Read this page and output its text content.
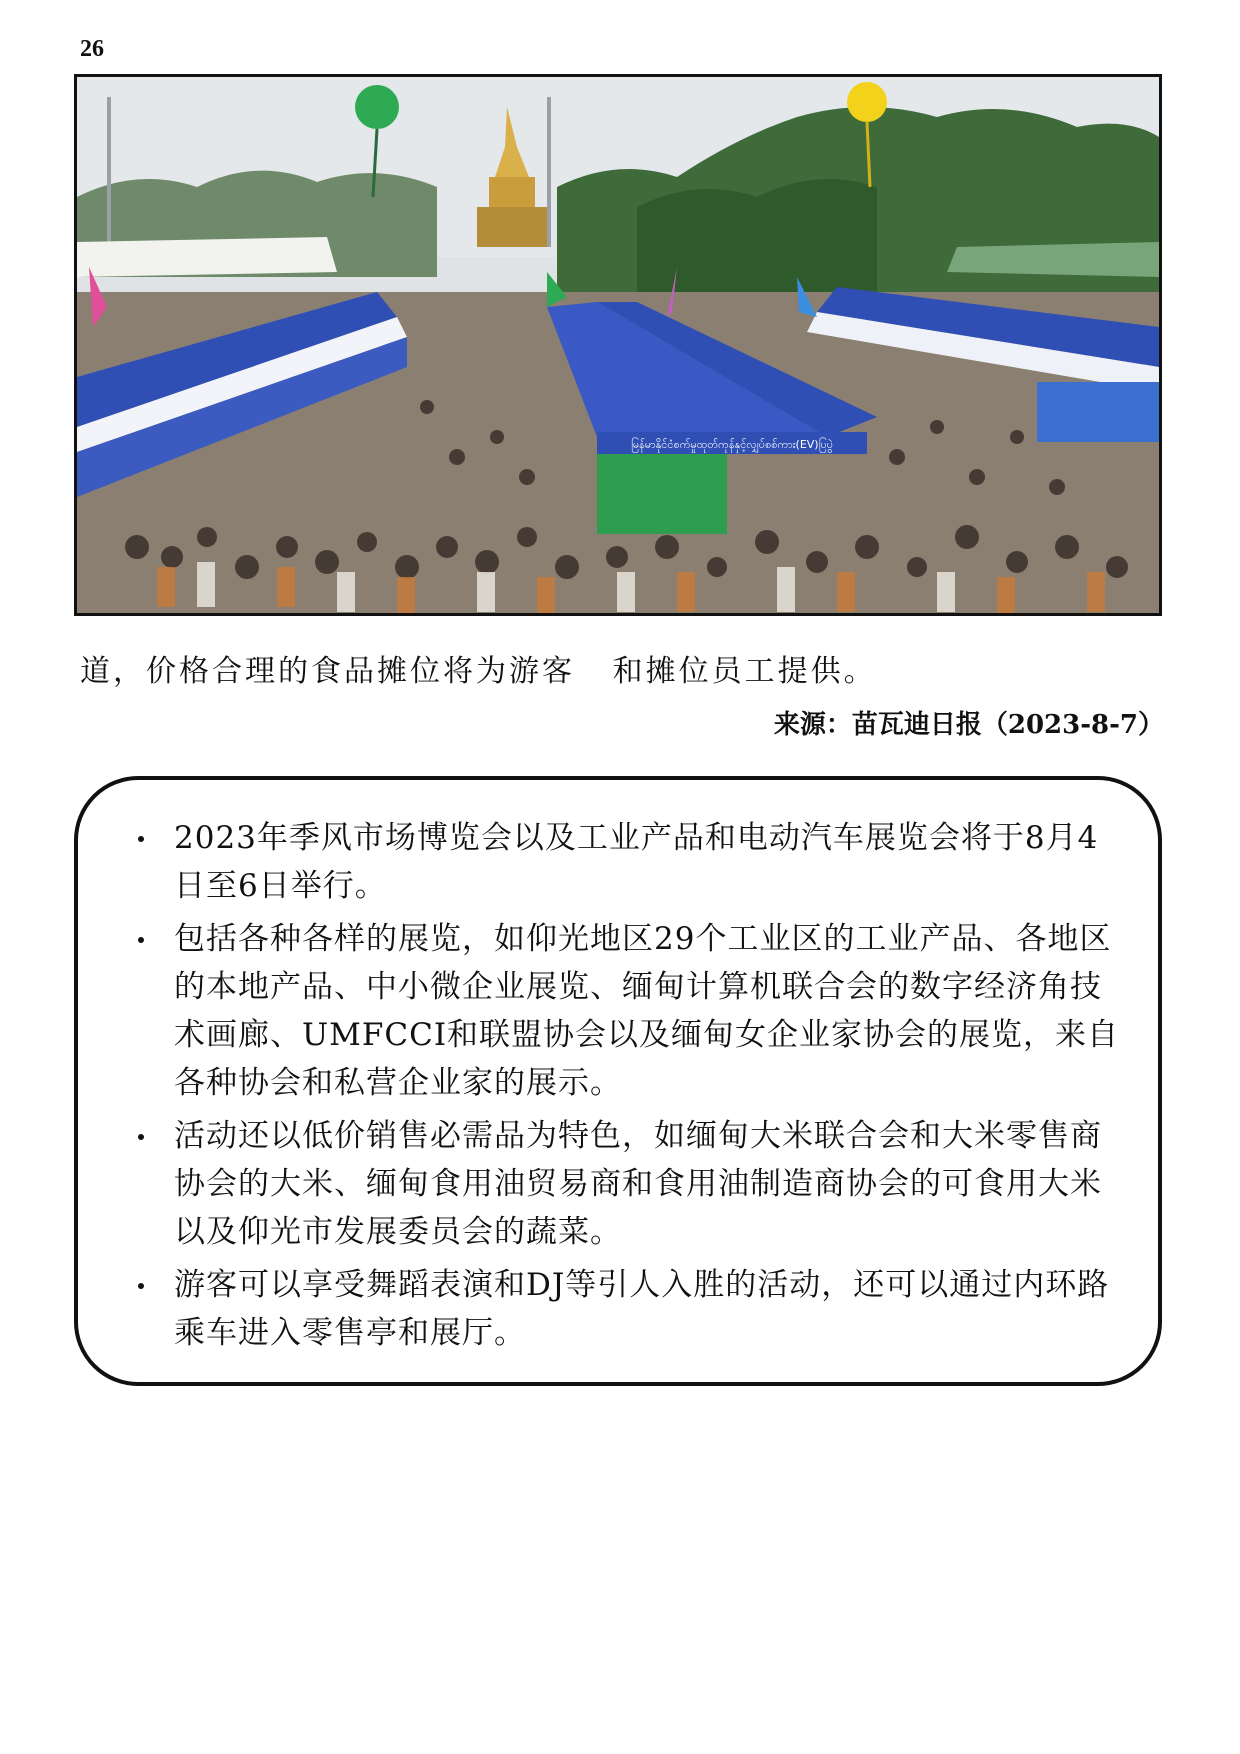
26
မြန်မာနိုင်ငံစက်မှုထုတ်ကုန်နှင့်လျှပ်စစ်ကား(EV)ပြပွဲ
道，价格合理的食品摊位将为游客   和摊位员工提供。
来源：苗瓦迪日报（2023-8-7）
2023年季风市场博览会以及工业产品和电动汽车展览会将于8月4日至6日举行。
包括各种各样的展览，如仰光地区29个工业区的工业产品、各地区的本地产品、中小微企业展览、缅甸计算机联合会的数字经济角技术画廊、UMFCCI和联盟协会以及缅甸女企业家协会的展览，来自各种协会和私营企业家的展示。
活动还以低价销售必需品为特色，如缅甸大米联合会和大米零售商协会的大米、缅甸食用油贸易商和食用油制造商协会的可食用大米以及仰光市发展委员会的蔬菜。
游客可以享受舞蹈表演和DJ等引人入胜的活动，还可以通过内环路乘车进入零售亭和展厅。
